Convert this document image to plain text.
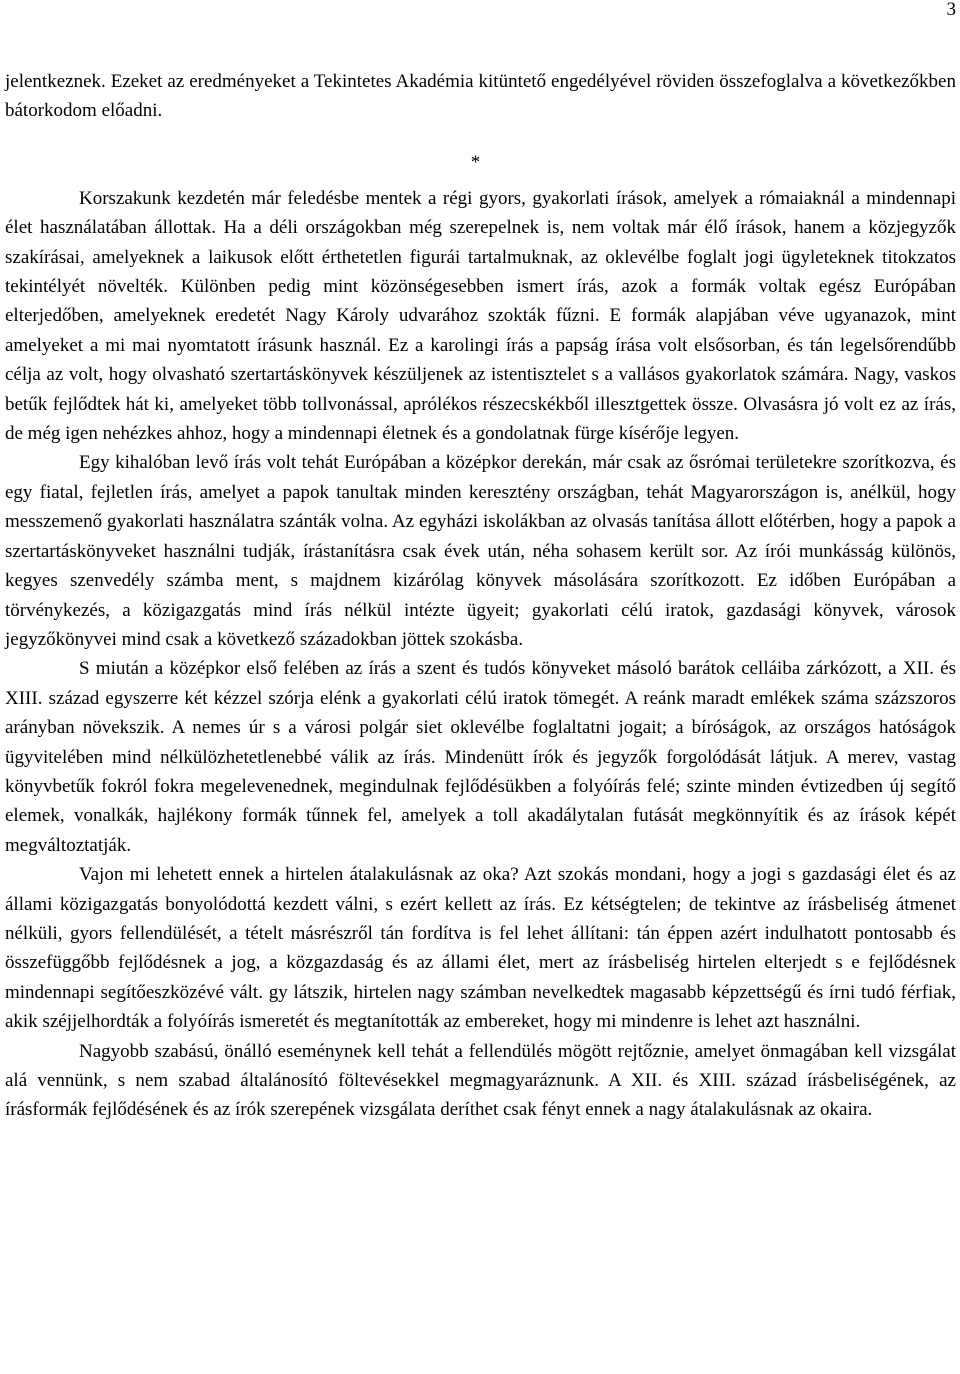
3

jelentkeznek. Ezeket az eredményeket a Tekintetes Akadémia kitüntető engedélyével röviden összefoglalva a következőkben bátorkodom előadni.

*

Korszakunk kezdetén már feledésbe mentek a régi gyors, gyakorlati írások, amelyek a rómaiaknál a mindennapi élet használatában állottak. Ha a déli országokban még szerepelnek is, nem voltak már élő írások, hanem a közjegyzők szakírásai, amelyeknek a laikusok előtt érthetetlen figurái tartalmuknak, az oklevélbe foglalt jogi ügyleteknek titokzatos tekintélyét növelték. Különben pedig mint közönségesebben ismert írás, azok a formák voltak egész Európában elterjedőben, amelyeknek eredetét Nagy Károly udvarához szokták fűzni. E formák alapjában véve ugyanazok, mint amelyeket a mi mai nyomtatott írásunk használ. Ez a karolingi írás a papság írása volt elsősorban, és tán legelsőrendűbb célja az volt, hogy olvasható szertartáskönyvek készüljenek az istentisztelet s a vallásos gyakorlatok számára. Nagy, vaskos betűk fejlődtek hát ki, amelyeket több tollvonással, aprólékos részecskékből illesztgettek össze. Olvasásra jó volt ez az írás, de még igen nehézkes ahhoz, hogy a mindennapi életnek és a gondolatnak fürge kísérője legyen.

Egy kihalóban levő írás volt tehát Európában a középkor derekán, már csak az ősrómai területekre szorítkozva, és egy fiatal, fejletlen írás, amelyet a papok tanultak minden keresztény országban, tehát Magyarországon is, anélkül, hogy messzemenő gyakorlati használatra szánták volna. Az egyházi iskolákban az olvasás tanítása állott előtérben, hogy a papok a szertartáskönyveket használni tudják, írástanításra csak évek után, néha sohasem került sor. Az írói munkásság különös, kegyes szenvedély számba ment, s majdnem kizárólag könyvek másolására szorítkozott. Ez időben Európában a törvénykezés, a közigazgatás mind írás nélkül intézte ügyeit; gyakorlati célú iratok, gazdasági könyvek, városok jegyzőkönyvei mind csak a következő századokban jöttek szokásba.

S miután a középkor első felében az írás a szent és tudós könyveket másoló barátok celláiba zárkózott, a XII. és XIII. század egyszerre két kézzel szórja elénk a gyakorlati célú iratok tömegét. A reánk maradt emlékek száma százszoros arányban növekszik. A nemes úr s a városi polgár siet oklevélbe foglaltatni jogait; a bíróságok, az országos hatóságok ügyvitelében mind nélkülözhetetlenebbé válik az írás. Mindenütt írók és jegyzők forgolódását látjuk. A merev, vastag könyvbetűk fokról fokra megelevenednek, megindulnak fejlődésükben a folyóírás felé; szinte minden évtizedben új segítő elemek, vonalkák, hajlékony formák tűnnek fel, amelyek a toll akadálytalan futását megkönnyítik és az írások képét megváltoztatják.

Vajon mi lehetett ennek a hirtelen átalakulásnak az oka? Azt szokás mondani, hogy a jogi s gazdasági élet és az állami közigazgatás bonyolódottá kezdett válni, s ezért kellett az írás. Ez kétségtelen; de tekintve az írásbeliség átmenet nélküli, gyors fellendülését, a tételt másrészről tán fordítva is fel lehet állítani: tán éppen azért indulhatott pontosabb és összefüggőbb fejlődésnek a jog, a közgazdaság és az állami élet, mert az írásbeliség hirtelen elterjedt s e fejlődésnek mindennapi segítőeszközévé vált. gy látszik, hirtelen nagy számban nevelkedtek magasabb képzettségű és írni tudó férfiak, akik széjjelhordták a folyóírás ismeretét és megtanították az embereket, hogy mi mindenre is lehet azt használni.

Nagyobb szabású, önálló eseménynek kell tehát a fellendülés mögött rejtőznie, amelyet önmagában kell vizsgálat alá vennünk, s nem szabad általánosító föltevésekkel megmagyaráznunk. A XII. és XIII. század írásbeliségének, az írásformák fejlődésének és az írók szerepének vizsgálata deríthet csak fényt ennek a nagy átalakulásnak az okaira.
